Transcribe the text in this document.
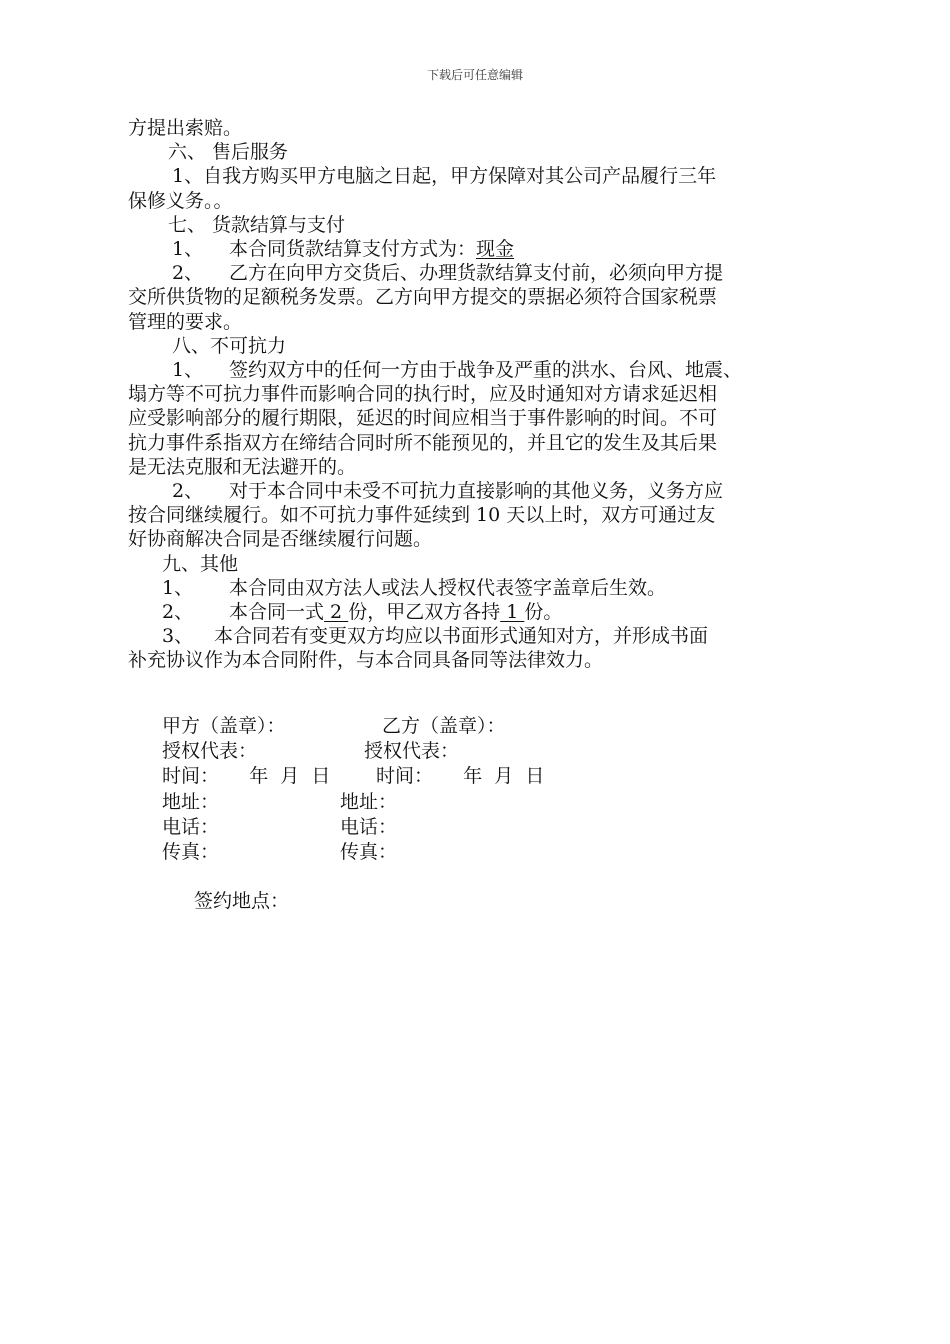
下载后可任意编辑

方提出索赔。

六、 售后服务

1、自我方购买甲方电脑之日起，甲方保障对其公司产品履行三年

保修义务。。

七、 货款结算与支付

1、 本合同货款结算支付方式为：现金

2、 乙方在向甲方交货后、办理货款结算支付前，必须向甲方提

交所供货物的足额税务发票。乙方向甲方提交的票据必须符合国家税票

管理的要求。

八、不可抗力

1、 签约双方中的任何一方由于战争及严重的洪水、台风、地震、

塌方等不可抗力事件而影响合同的执行时，应及时通知对方请求延迟相

应受影响部分的履行期限，延迟的时间应相当于事件影响的时间。不可

抗力事件系指双方在缔结合同时所不能预见的，并且它的发生及其后果

是无法克服和无法避开的。

2、 对于本合同中未受不可抗力直接影响的其他义务，义务方应

按合同继续履行。如不可抗力事件延续到 10 天以上时，双方可通过友

好协商解决合同是否继续履行问题。

九、其他

1、 本合同由双方法人或法人授权代表签字盖章后生效。

2、 本合同一式 2 份，甲乙双方各持 1 份。

3、 本合同若有变更双方均应以书面形式通知对方，并形成书面

补充协议作为本合同附件，与本合同具备同等法律效力。

甲方（盖章）：	乙方（盖章）：
授权代表：	授权代表：
时间：     年  月  日 时间：     年  月  日
地址：	地址：
电话：	电话：
传真：	传真：
签约地点：
